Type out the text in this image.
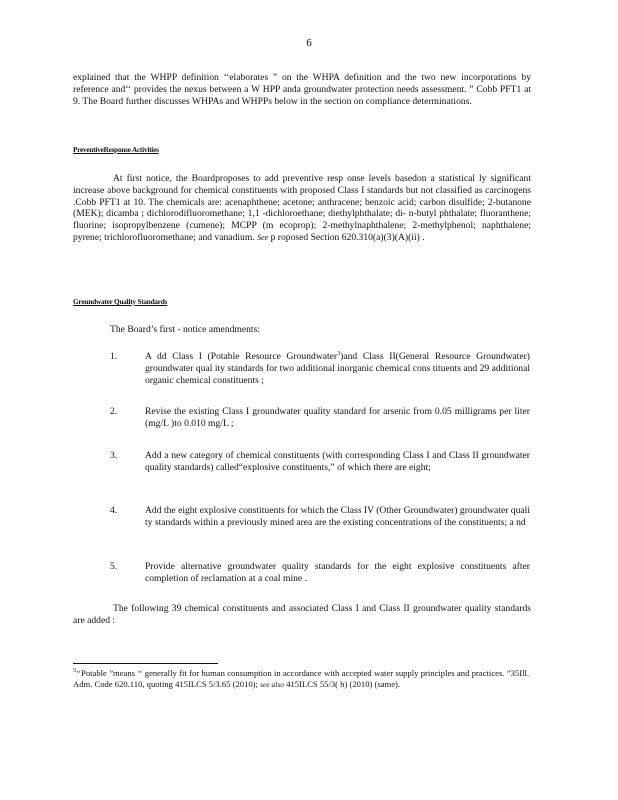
6
explained that the WHPP definition ‘‘elaborates ” on the WHPA definition and the two new incorporations by reference and‘‘ provides the nexus between a W HPP anda groundwater protection needs assessment. ” Cobb PFT1 at 9. The Board further discusses WHPAs and WHPPs below in the section on compliance determinations.
PreventiveResponse Activities
At first notice, the Boardproposes to add preventive resp onse levels basedon a statistical ly significant increase above background for chemical constituents with proposed Class I standards but not classified as carcinogens .Cobb PFT1 at 10. The chemicals are: acenaphthene; acetone; anthracene; benzoic acid; carbon disulfide; 2-butanone (MEK); dicamba ; dichlorodifluoromethane; 1,1 -dichloroethane; diethylphthalate; di- n-butyl phthalate; fluoranthene; fluorine; isopropylbenzene (cumene); MCPP (m ecoprop); 2-methylnaphthalene; 2-methylphenol; naphthalene; pyrene; trichlorofluoromethane; and vanadium. See p roposed Section 620.310(a)(3)(A)(ii) .
Groundwater Quality Standards
The Board’s first - notice amendments:
1.	A dd Class I (Potable Resource Groundwater$^3$)and Class II(General Resource Groundwater) groundwater qual ity standards for two additional inorganic chemical cons tituents and 29 additional organic chemical constituents ;
2.	Revise the existing Class I groundwater quality standard for arsenic from 0.05 milligrams per liter (mg/L )to 0.010 mg/L ;
3.	Add a new category of chemical constituents (with corresponding Class I and Class II groundwater quality standards) called“explosive constituents,” of which there are eight;
4.	Add the eight explosive constituents for which the Class IV (Other Groundwater) groundwater quali ty standards within a previously mined area are the existing concentrations of the constituents; a nd
5.	Provide alternative groundwater quality standards for the eight explosive constituents after completion of reclamation at a coal mine .
The following 39 chemical constituents and associated Class I and Class II groundwater quality standards are added :
$^3$‘‘Potable ”means ‘‘ generally fit for human consumption in accordance with accepted water supply principles and practices. ”35Ill. Adm. Code 620.110, quoting 415ILCS 5/3.65 (2010); see also 415ILCS 55/3( h) (2010) (same).
